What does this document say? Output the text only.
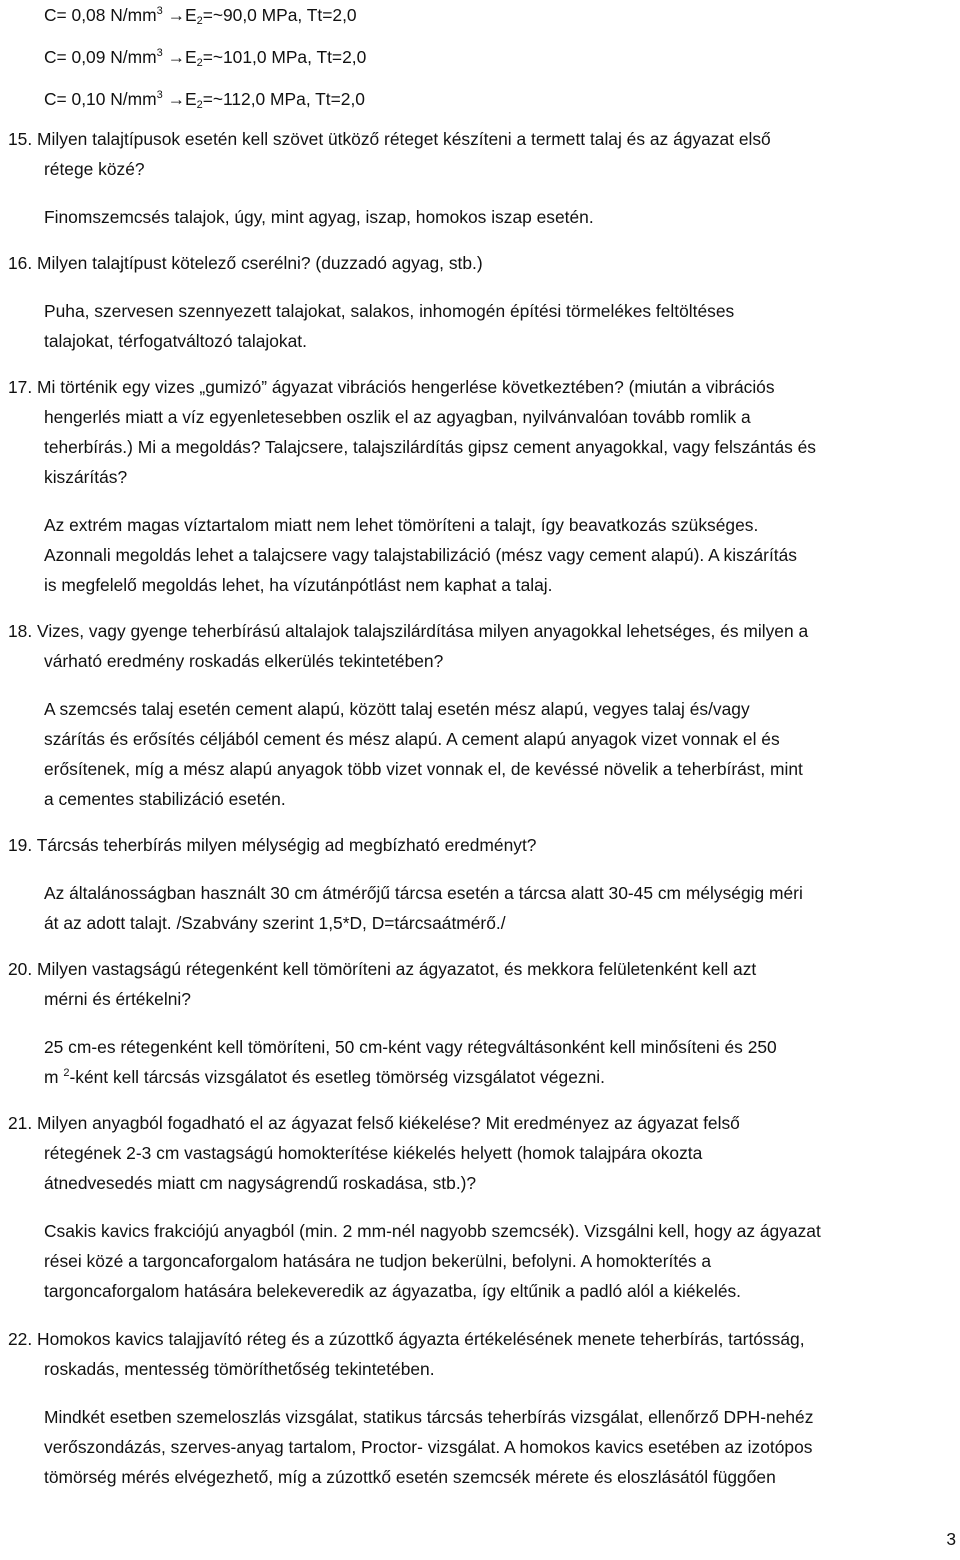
C= 0,08 $N/mm^3$ $\to E_2=\sim 90,0$ MPa, Tt=2,0

C= 0,09 $N/mm^3$ $\to E_2=\sim 101,0$ MPa, Tt=2,0

C= 0,10 $N/mm^3$ $\to E_2=\sim 112,0$ MPa, Tt=2,0

15. Milyen talajtípusok esetén kell szövet ütköző réteget készíteni a termett talaj és az ágyazat első

rétege közé?

Finomszemcsés talajok, úgy, mint agyag, iszap, homokos iszap esetén.

16. Milyen talajtípust kötelező cserélni? (duzzadó agyag, stb.)

Puha, szervesen szennyezett talajokat, salakos, inhomogén építési törmelékes feltöltéses

talajokat, térfogatváltozó talajokat.

17. Mi történik egy vizes „gumizó” ágyazat vibrációs hengerlése következtében? (miután a vibrációs

hengerlés miatt a víz egyenletesebben oszlik el az agyagban, nyilvánvalóan tovább romlik a

teherbírás.) Mi a megoldás? Talajcsere, talajszilárdítás gipsz cement anyagokkal, vagy felszántás és

kiszárítás?

Az extrém magas víztartalom miatt nem lehet tömöríteni a talajt, így beavatkozás szükséges.

Azonnali megoldás lehet a talajcsere vagy talajstabilizáció (mész vagy cement alapú). A kiszárítás

is megfelelő megoldás lehet, ha vízutánpótlást nem kaphat a talaj.

18. Vizes, vagy gyenge teherbírású altalajok talajszilárdítása milyen anyagokkal lehetséges, és milyen a

várható eredmény roskadás elkerülés tekintetében?

A szemcsés talaj esetén cement alapú, között talaj esetén mész alapú, vegyes talaj és/vagy

szárítás és erősítés céljából cement és mész alapú. A cement alapú anyagok vizet vonnak el és

erősítenek, míg a mész alapú anyagok több vizet vonnak el, de kevéssé növelik a teherbírást, mint

a cementes stabilizáció esetén.

19. Tárcsás teherbírás milyen mélységig ad megbízható eredményt?

Az általánosságban használt 30 cm átmérőjű tárcsa esetén a tárcsa alatt 30-45 cm mélységig méri

át az adott talajt. /Szabvány szerint 1,5*D, D=tárcsaátmérő./

20. Milyen vastagságú rétegenként kell tömöríteni az ágyazatot, és mekkora felületenként kell azt

mérni és értékelni?

25 cm-es rétegenként kell tömöríteni, 50 cm-ként vagy rétegváltásonként kell minősíteni és 250

m $^2$-ként kell tárcsás vizsgálatot és esetleg tömörség vizsgálatot végezni.

21. Milyen anyagból fogadható el az ágyazat felső kiékelése? Mit eredményez az ágyazat felső

rétegének 2-3 cm vastagságú homokterítése kiékelés helyett (homok talajpára okozta

átnedvesedés miatt cm nagyságrendű roskadása, stb.)?

Csakis kavics frakciójú anyagból (min. 2 mm-nél nagyobb szemcsék). Vizsgálni kell, hogy az ágyazat

rései közé a targoncaforgalom hatására ne tudjon bekerülni, befolyni. A homokterítés a

targoncaforgalom hatására belekeveredik az ágyazatba, így eltűnik a padló alól a kiékelés.

22. Homokos kavics talajjavító réteg és a zúzottkő ágyazta értékelésének menete teherbírás, tartósság,

roskadás, mentesség tömöríthetőség tekintetében.

Mindkét esetben szemeloszlás vizsgálat, statikus tárcsás teherbírás vizsgálat, ellenőrző DPH-nehéz

verőszondázás, szerves-anyag tartalom, Proctor- vizsgálat. A homokos kavics esetében az izotópos

tömörség mérés elvégezhető, míg a zúzottkő esetén szemcsék mérete és eloszlásától függően

3
